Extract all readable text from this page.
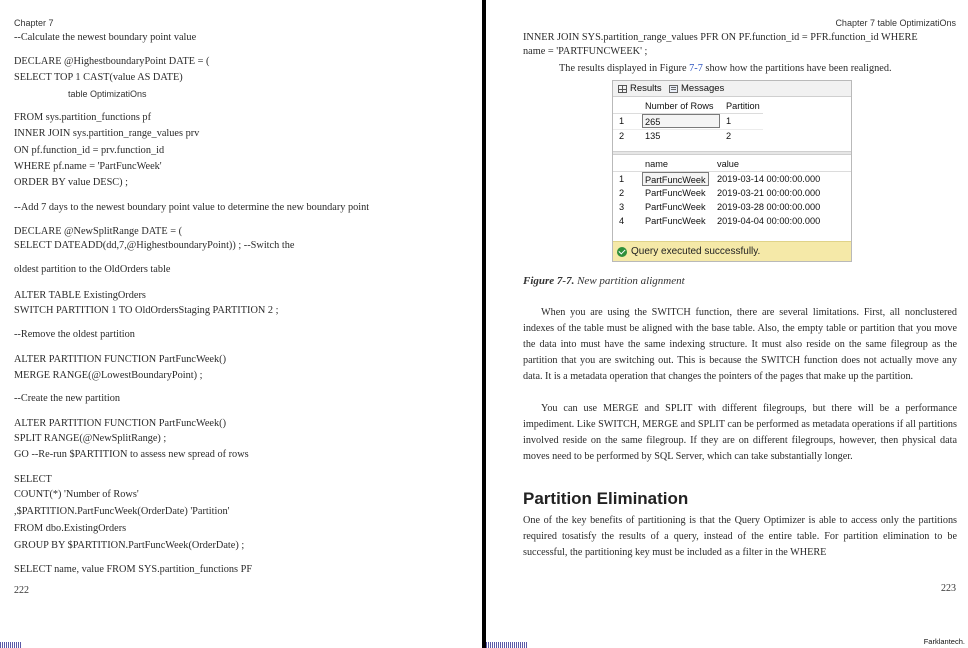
Chapter 7
--Calculate the newest boundary point value
DECLARE @HighestboundaryPoint DATE = (
SELECT TOP 1 CAST(value AS DATE)
table OptimizatiOns
FROM sys.partition_functions pf
INNER JOIN sys.partition_range_values prv
ON pf.function_id = prv.function_id
WHERE pf.name = 'PartFuncWeek'
ORDER BY value DESC) ;
--Add 7 days to the newest boundary point value to determine the new boundary point
DECLARE @NewSplitRange DATE = (
SELECT DATEADD(dd,7,@HighestboundaryPoint)) ; --Switch the
oldest partition to the OldOrders table
ALTER TABLE ExistingOrders
SWITCH PARTITION 1 TO OldOrdersStaging PARTITION 2 ;
--Remove the oldest partition
ALTER PARTITION FUNCTION PartFuncWeek()
MERGE RANGE(@LowestBoundaryPoint) ;
--Create the new partition
ALTER PARTITION FUNCTION PartFuncWeek()
SPLIT RANGE(@NewSplitRange) ;
GO --Re-run $PARTITION to assess new spread of rows
SELECT
COUNT(*) 'Number of Rows'
,$PARTITION.PartFuncWeek(OrderDate) 'Partition'
FROM dbo.ExistingOrders
GROUP BY $PARTITION.PartFuncWeek(OrderDate) ;
SELECT name, value FROM SYS.partition_functions PF
222
Chapter 7 table OptimizatiOns
INNER JOIN SYS.partition_range_values PFR ON PF.function_id = PFR.function_id WHERE
name = 'PARTFUNCWEEK' ;
The results displayed in Figure 7-7 show how the partitions have been realigned.
Results Messages
Number of Rows Partition
1	265	1
2 135	2
name	value
1	PartFuncWeek	2019-03-14 00:00:00.000
2 PartFuncWeek 2019-03-21 00:00:00.000
3 PartFuncWeek 2019-03-28 00:00:00.000
4 PartFuncWeek 2019-04-04 00:00:00.000
Query executed successfully.
Figure 7-7. New partition alignment
When you are using the SWITCH function, there are several limitations. First, all nonclustered indexes of the table must be aligned with the base table. Also, the empty table or partition that you move the data into must have the same indexing structure. It must also reside on the same filegroup as the partition that you are switching out. This is because the SWITCH function does not actually move any data. It is a metadata operation that changes the pointers of the pages that make up the partition.
You can use MERGE and SPLIT with different filegroups, but there will be a performance impediment. Like SWITCH, MERGE and SPLIT can be performed as metadata operations if all partitions involved reside on the same filegroup. If they are on different filegroups, however, then physical data moves need to be performed by SQL Server, which can take substantially longer.
Partition Elimination
One of the key benefits of partitioning is that the Query Optimizer is able to access only the partitions required tosatisfy the results of a query, instead of the entire table. For partition elimination to be successful, the partitioning key must be included as a filter in the WHERE
223
Farklantech.
